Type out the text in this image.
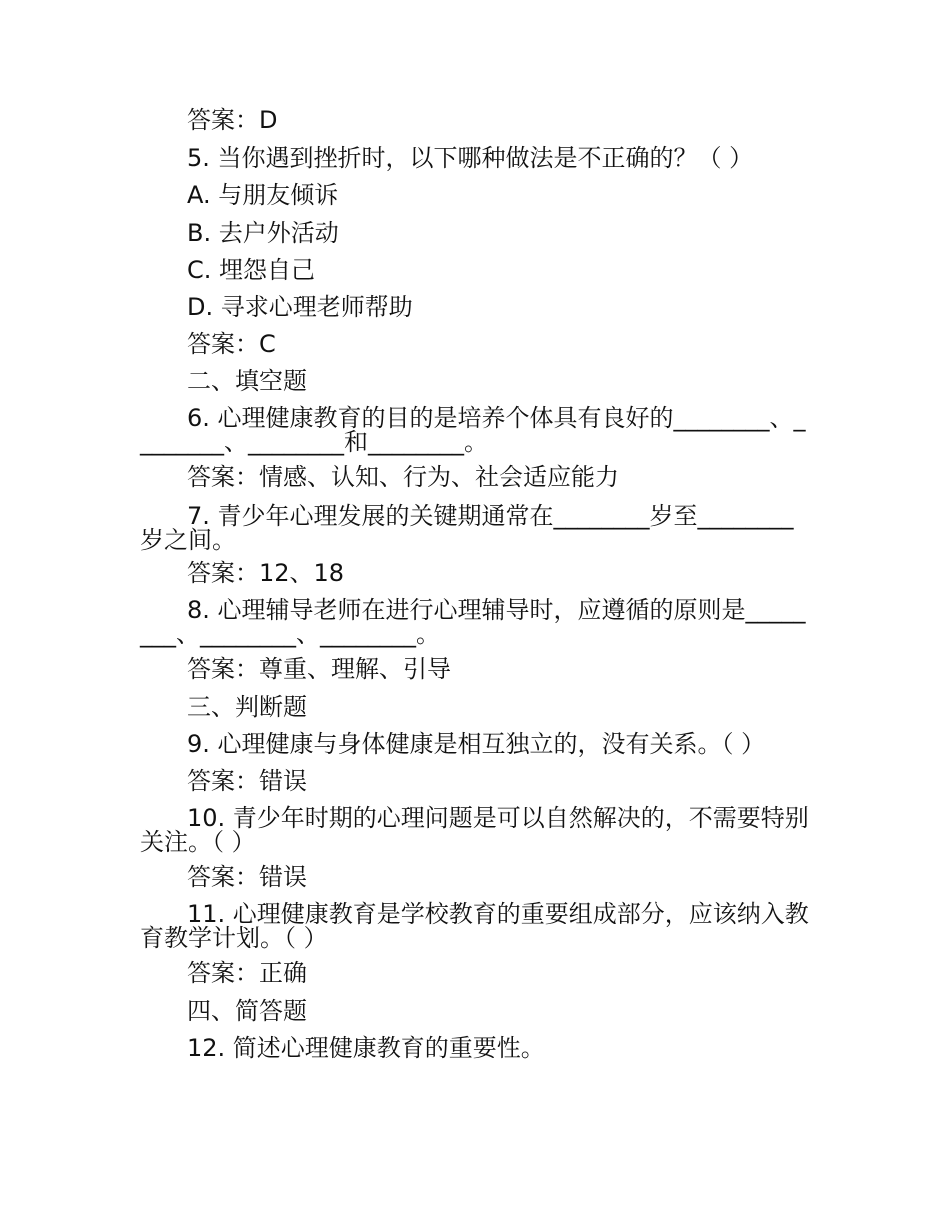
答案：D
5. 当你遇到挫折时，以下哪种做法是不正确的？（ ）
A. 与朋友倾诉
B. 去户外活动
C. 埋怨自己
D. 寻求心理老师帮助
答案：C
二、填空题
6. 心理健康教育的目的是培养个体具有良好的________、________、________和________。
答案：情感、认知、行为、社会适应能力
7. 青少年心理发展的关键期通常在________岁至________岁之间。
答案：12、18
8. 心理辅导老师在进行心理辅导时，应遵循的原则是________、________、________。
答案：尊重、理解、引导
三、判断题
9. 心理健康与身体健康是相互独立的，没有关系。（ ）
答案：错误
10. 青少年时期的心理问题是可以自然解决的，不需要特别关注。（ ）
答案：错误
11. 心理健康教育是学校教育的重要组成部分，应该纳入教育教学计划。（ ）
答案：正确
四、简答题
12. 简述心理健康教育的重要性。
